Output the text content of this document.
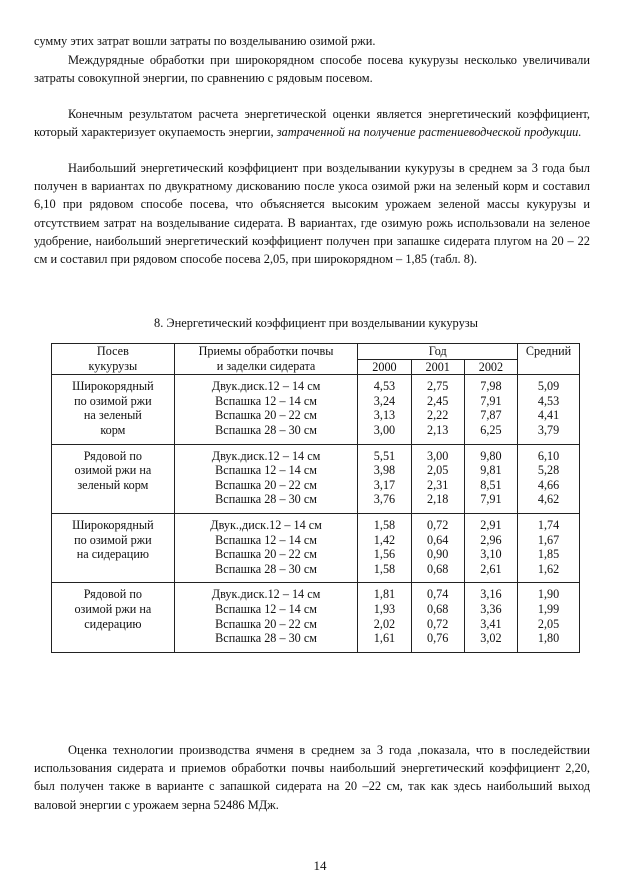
сумму этих затрат вошли затраты по возделыванию озимой ржи.

Междурядные обработки при широкорядном способе посева кукурузы несколько увеличивали затраты совокупной энергии, по сравнению с рядовым посевом.

Конечным результатом расчета энергетической оценки является энергетический коэффициент, который характеризует окупаемость энергии, затраченной на получение растениеводческой продукции.

Наибольший энергетический коэффициент при возделывании кукурузы в среднем за 3 года был получен в вариантах по двукратному дискованию после укоса озимой ржи на зеленый корм и составил 6,10 при рядовом способе посева, что объясняется высоким урожаем зеленой массы кукурузы и отсутствием затрат на возделывание сидерата. В вариантах, где озимую рожь использовали на зеленое удобрение, наибольший энергетический коэффициент получен при запашке сидерата плугом на 20 – 22 см и составил при рядовом способе посева 2,05, при широкорядном – 1,85 (табл. 8).

8. Энергетический коэффициент при возделывании кукурузы
Посев
кукурузы	Приемы обработки почвы
и заделки сидерата	Год			Средний
		2000	2001	2002	

Широкорядный
по озимой ржи
на зеленый
корм	Двук.диск.12 – 14 см
Вспашка 12 – 14 см
Вспашка 20 – 22 см
Вспашка 28 – 30 см	4,53
3,24
3,13
3,00	2,75
2,45
2,22
2,13	7,98
7,91
7,87
6,25	5,09
4,53
4,41
3,79

Рядовой по
озимой ржи на
зеленый корм	Двук.диск.12 – 14 см
Вспашка 12 – 14 см
Вспашка 20 – 22 см
Вспашка 28 – 30 см	5,51
3,98
3,17
3,76	3,00
2,05
2,31
2,18	9,80
9,81
8,51
7,91	6,10
5,28
4,66
4,62

Широкорядный
по озимой ржи
на сидерацию	Двук.,диск.12 – 14 см
Вспашка 12 – 14 см
Вспашка 20 – 22 см
Вспашка 28 – 30 см	1,58
1,42
1,56
1,58	0,72
0,64
0,90
0,68	2,91
2,96
3,10
2,61	1,74
1,67
1,85
1,62

Рядовой по
озимой ржи на
сидерацию	Двук.диск.12 – 14 см
Вспашка 12 – 14 см
Вспашка 20 – 22 см
Вспашка 28 – 30 см	1,81
1,93
2,02
1,61	0,74
0,68
0,72
0,76	3,16
3,36
3,41
3,02	1,90
1,99
2,05
1,80

Оценка технологии производства ячменя в среднем за 3 года ,показала, что в последействии использования сидерата и приемов обработки почвы наибольший энергетический коэффициент 2,20, был получен также в варианте с запашкой сидерата на 20 –22 см, так как здесь наибольший выход валовой энергии с урожаем зерна 52486 МДж.

14
